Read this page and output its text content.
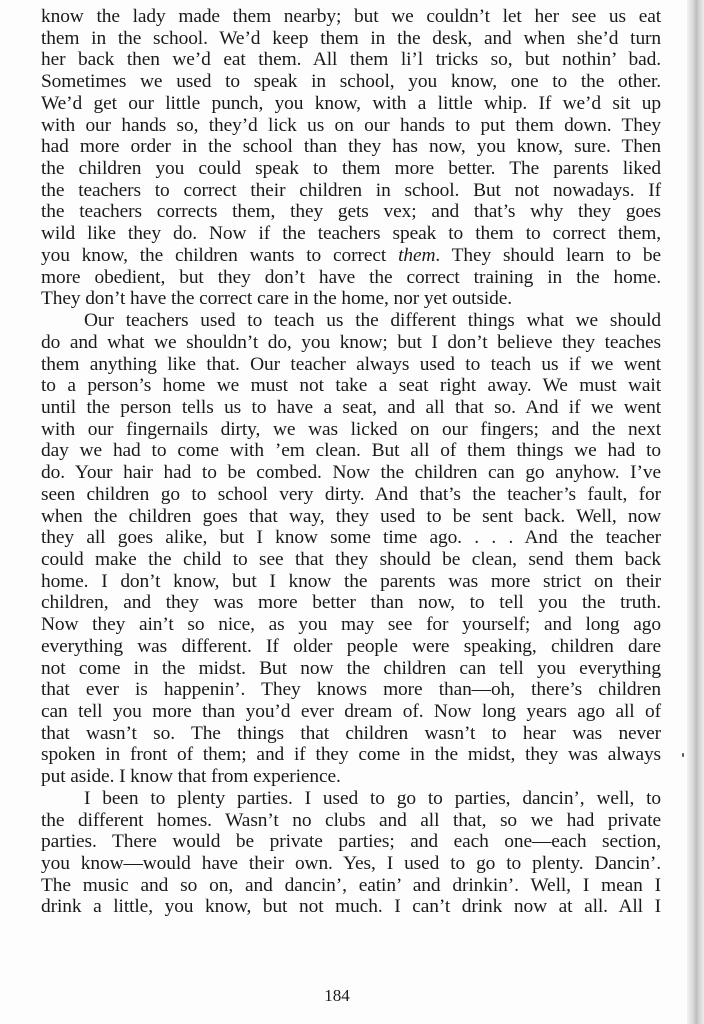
know the lady made them nearby; but we couldn’t let her see us eat
them in the school. We’d keep them in the desk, and when she’d turn
her back then we’d eat them. All them li’l tricks so, but nothin’ bad.
Sometimes we used to speak in school, you know, one to the other.
We’d get our little punch, you know, with a little whip. If we’d sit up
with our hands so, they’d lick us on our hands to put them down. They
had more order in the school than they has now, you know, sure. Then
the children you could speak to them more better. The parents liked
the teachers to correct their children in school. But not nowadays. If
the teachers corrects them, they gets vex; and that’s why they goes
wild like they do. Now if the teachers speak to them to correct them,
you know, the children wants to correct them. They should learn to be
more obedient, but they don’t have the correct training in the home.
They don’t have the correct care in the home, nor yet outside.
Our teachers used to teach us the different things what we should
do and what we shouldn’t do, you know; but I don’t believe they teaches
them anything like that. Our teacher always used to teach us if we went
to a person’s home we must not take a seat right away. We must wait
until the person tells us to have a seat, and all that so. And if we went
with our fingernails dirty, we was licked on our fingers; and the next
day we had to come with ’em clean. But all of them things we had to
do. Your hair had to be combed. Now the children can go anyhow. I’ve
seen children go to school very dirty. And that’s the teacher’s fault, for
when the children goes that way, they used to be sent back. Well, now
they all goes alike, but I know some time ago. . . . And the teacher
could make the child to see that they should be clean, send them back
home. I don’t know, but I know the parents was more strict on their
children, and they was more better than now, to tell you the truth.
Now they ain’t so nice, as you may see for yourself; and long ago
everything was different. If older people were speaking, children dare
not come in the midst. But now the children can tell you everything
that ever is happenin’. They knows more than—oh, there’s children
can tell you more than you’d ever dream of. Now long years ago all of
that wasn’t so. The things that children wasn’t to hear was never
spoken in front of them; and if they come in the midst, they was always
put aside. I know that from experience.
I been to plenty parties. I used to go to parties, dancin’, well, to
the different homes. Wasn’t no clubs and all that, so we had private
parties. There would be private parties; and each one—each section,
you know—would have their own. Yes, I used to go to plenty. Dancin’.
The music and so on, and dancin’, eatin’ and drinkin’. Well, I mean I
drink a little, you know, but not much. I can’t drink now at all. All I
184
